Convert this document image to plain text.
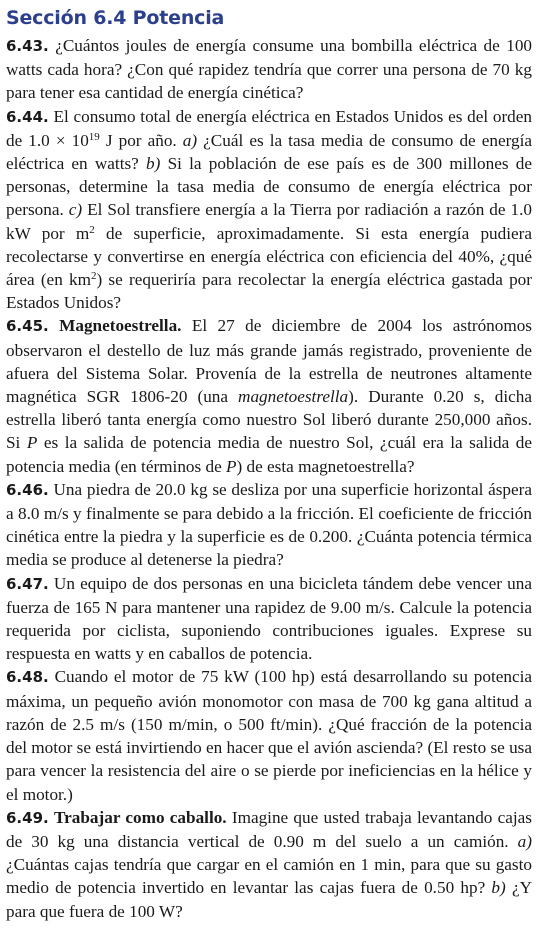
Sección 6.4 Potencia

6.43. ¿Cuántos joules de energía consume una bombilla eléctrica de 100 watts cada hora? ¿Con qué rapidez tendría que correr una persona de 70 kg para tener esa cantidad de energía cinética?

6.44. El consumo total de energía eléctrica en Estados Unidos es del orden de $1.0 \times 10^{19}$ J por año. a) ¿Cuál es la tasa media de consumo de energía eléctrica en watts? b) Si la población de ese país es de 300 millones de personas, determine la tasa media de consumo de energía eléctrica por persona. c) El Sol transfiere energía a la Tierra por radiación a razón de 1.0 kW por $m^2$ de superficie, aproximadamente. Si esta energía pudiera recolectarse y convertirse en energía eléctrica con eficiencia del 40%, ¿qué área (en $km^2$) se requeriría para recolectar la energía eléctrica gastada por Estados Unidos?

6.45. Magnetoestrella. El 27 de diciembre de 2004 los astrónomos observaron el destello de luz más grande jamás registrado, proveniente de afuera del Sistema Solar. Provenía de la estrella de neutrones altamente magnética SGR 1806-20 (una magnetoestrella). Durante 0.20 s, dicha estrella liberó tanta energía como nuestro Sol liberó durante 250,000 años. Si P es la salida de potencia media de nuestro Sol, ¿cuál era la salida de potencia media (en términos de P) de esta magnetoestrella?

6.46. Una piedra de 20.0 kg se desliza por una superficie horizontal áspera a 8.0 m/s y finalmente se para debido a la fricción. El coeficiente de fricción cinética entre la piedra y la superficie es de 0.200. ¿Cuánta potencia térmica media se produce al detenerse la piedra?

6.47. Un equipo de dos personas en una bicicleta tándem debe vencer una fuerza de 165 N para mantener una rapidez de 9.00 m/s. Calcule la potencia requerida por ciclista, suponiendo contribuciones iguales. Exprese su respuesta en watts y en caballos de potencia.

6.48. Cuando el motor de 75 kW (100 hp) está desarrollando su potencia máxima, un pequeño avión monomotor con masa de 700 kg gana altitud a razón de 2.5 m/s (150 m/min, o 500 ft/min). ¿Qué fracción de la potencia del motor se está invirtiendo en hacer que el avión ascienda? (El resto se usa para vencer la resistencia del aire o se pierde por ineficiencias en la hélice y el motor.)

6.49. Trabajar como caballo. Imagine que usted trabaja levantando cajas de 30 kg una distancia vertical de 0.90 m del suelo a un camión. a) ¿Cuántas cajas tendría que cargar en el camión en 1 min, para que su gasto medio de potencia invertido en levantar las cajas fuera de 0.50 hp? b) ¿Y para que fuera de 100 W?
